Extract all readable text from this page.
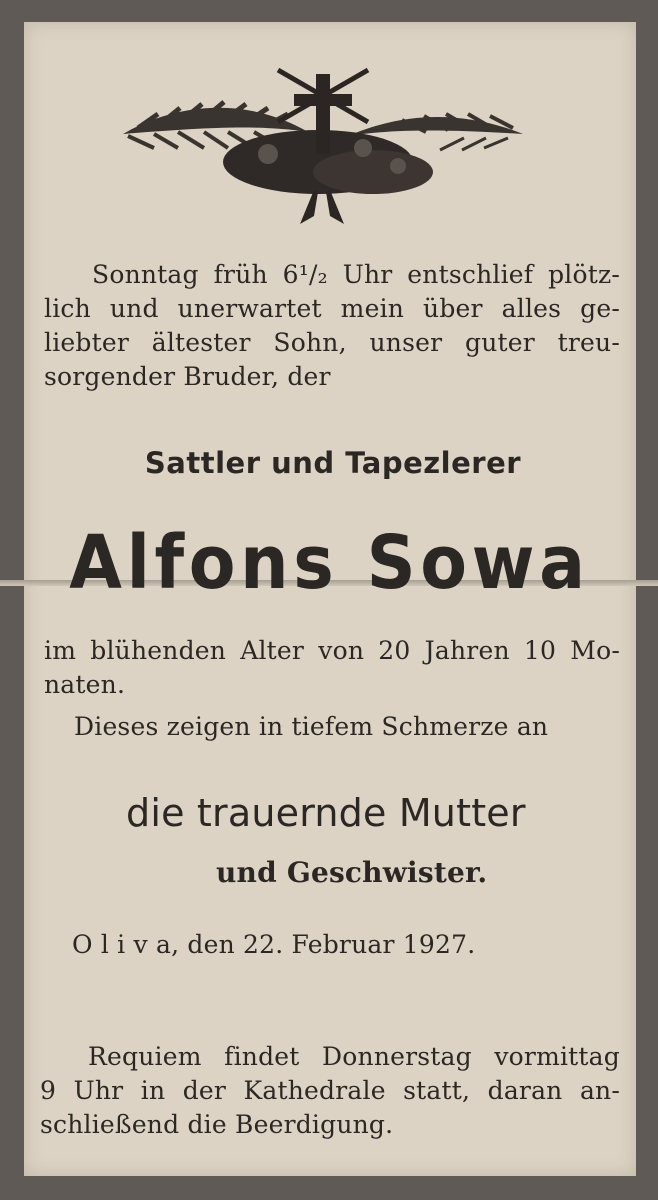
Sonntag früh 6¹/₂ Uhr entschlief plötz-
lich und unerwartet mein über alles ge-
liebter ältester Sohn, unser guter treu-
sorgender Bruder, der
Sattler und Tapezlerer
Alfons Sowa
im blühenden Alter von 20 Jahren 10 Mo-
naten.
Dieses zeigen in tiefem Schmerze an
die trauernde Mutter
und Geschwister.
O l i v a, den 22. Februar 1927.
Requiem findet Donnerstag vormittag
9 Uhr in der Kathedrale statt, daran an-
schließend die Beerdigung.
